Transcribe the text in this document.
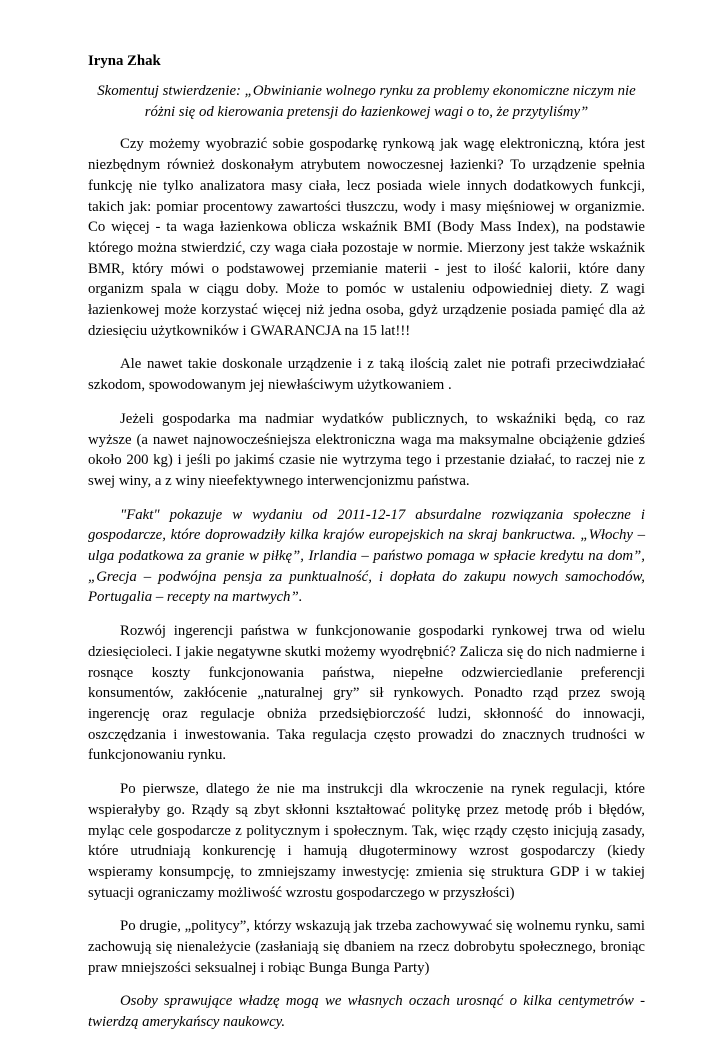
Iryna Zhak
Skomentuj stwierdzenie: „Obwinianie wolnego rynku za problemy ekonomiczne niczym nie różni się od kierowania pretensji do łazienkowej wagi o to, że przytyliśmy”

Czy możemy wyobrazić sobie gospodarkę rynkową jak wagę elektroniczną, która jest niezbędnym również doskonałym atrybutem nowoczesnej łazienki? To urządzenie spełnia funkcję nie tylko analizatora masy ciała, lecz posiada wiele innych dodatkowych funkcji, takich jak: pomiar procentowy zawartości tłuszczu, wody i masy mięśniowej w organizmie. Co więcej - ta waga łazienkowa oblicza wskaźnik BMI (Body Mass Index), na podstawie którego można stwierdzić, czy waga ciała pozostaje w normie. Mierzony jest także wskaźnik BMR, który mówi o podstawowej przemianie materii - jest to ilość kalorii, które dany organizm spala w ciągu doby. Może to pomóc w ustaleniu odpowiedniej diety. Z wagi łazienkowej może korzystać więcej niż jedna osoba, gdyż urządzenie posiada pamięć dla aż dziesięciu użytkowników i GWARANCJA na 15 lat!!!

Ale nawet takie doskonale urządzenie i z taką ilością zalet nie potrafi przeciwdziałać szkodom, spowodowanym jej niewłaściwym użytkowaniem .

Jeżeli gospodarka ma nadmiar wydatków publicznych, to wskaźniki będą, co raz wyższe (a nawet najnowocześniejsza elektroniczna waga ma maksymalne obciążenie gdzieś około 200 kg) i jeśli po jakimś czasie nie wytrzyma tego i przestanie działać, to raczej nie z swej winy, a z winy nieefektywnego interwencjonizmu państwa.

"Fakt" pokazuje w wydaniu od 2011-12-17 absurdalne rozwiązania społeczne i gospodarcze, które doprowadziły kilka krajów europejskich na skraj bankructwa. „Włochy – ulga podatkowa za granie w piłkę”, Irlandia – państwo pomaga w spłacie kredytu na dom”, „Grecja – podwójna pensja za punktualność, i dopłata do zakupu nowych samochodów, Portugalia – recepty na martwych”.

Rozwój ingerencji państwa w funkcjonowanie gospodarki rynkowej trwa od wielu dziesięcioleci. I jakie negatywne skutki możemy wyodrębnić? Zalicza się do nich nadmierne i rosnące koszty funkcjonowania państwa, niepełne odzwierciedlanie preferencji konsumentów, zakłócenie „naturalnej gry” sił rynkowych. Ponadto rząd przez swoją ingerencję oraz regulacje obniża przedsiębiorczość ludzi, skłonność do innowacji, oszczędzania i inwestowania. Taka regulacja często prowadzi do znacznych trudności w funkcjonowaniu rynku.

Po pierwsze, dlatego że nie ma instrukcji dla wkroczenie na rynek regulacji, które wspierałyby go. Rządy są zbyt skłonni kształtować politykę przez metodę prób i błędów, myląc cele gospodarcze z politycznym i społecznym. Tak, więc rządy często inicjują zasady, które utrudniają konkurencję i hamują długoterminowy wzrost gospodarczy (kiedy wspieramy konsumpcję, to zmniejszamy inwestycję: zmienia się struktura GDP i w takiej sytuacji ograniczamy możliwość wzrostu gospodarczego w przyszłości)

Po drugie, „politycy”, którzy wskazują jak trzeba zachowywać się wolnemu rynku, sami zachowują się nienależycie (zasłaniają się dbaniem na rzecz dobrobytu społecznego, broniąc praw mniejszości seksualnej i robiąc Bunga Bunga Party)

Osoby sprawujące władzę mogą we własnych oczach urosnąć o kilka centymetrów - twierdzą amerykańscy naukowcy.
